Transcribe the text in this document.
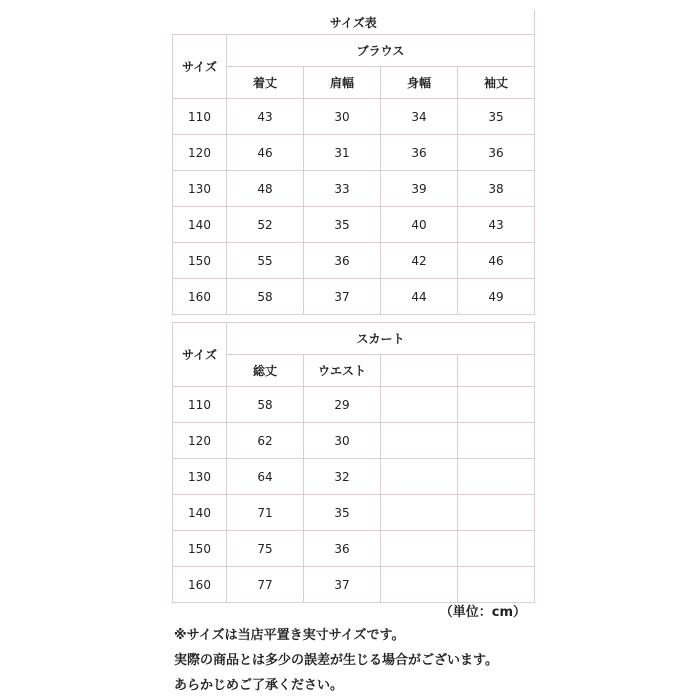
サイズ表				
サイズ	ブラウス			
	着丈	肩幅	身幅	袖丈
110	43	30	34	35
120	46	31	36	36
130	48	33	39	38
140	52	35	40	43
150	55	36	42	46
160	58	37	44	49
サイズ	スカート			
	総丈	ウエスト		
110	58	29		
120	62	30		
130	64	32		
140	71	35		
150	75	36		
160	77	37		
（単位：cm）
※サイズは当店平置き実寸サイズです。
実際の商品とは多少の誤差が生じる場合がございます。
あらかじめご了承ください。
